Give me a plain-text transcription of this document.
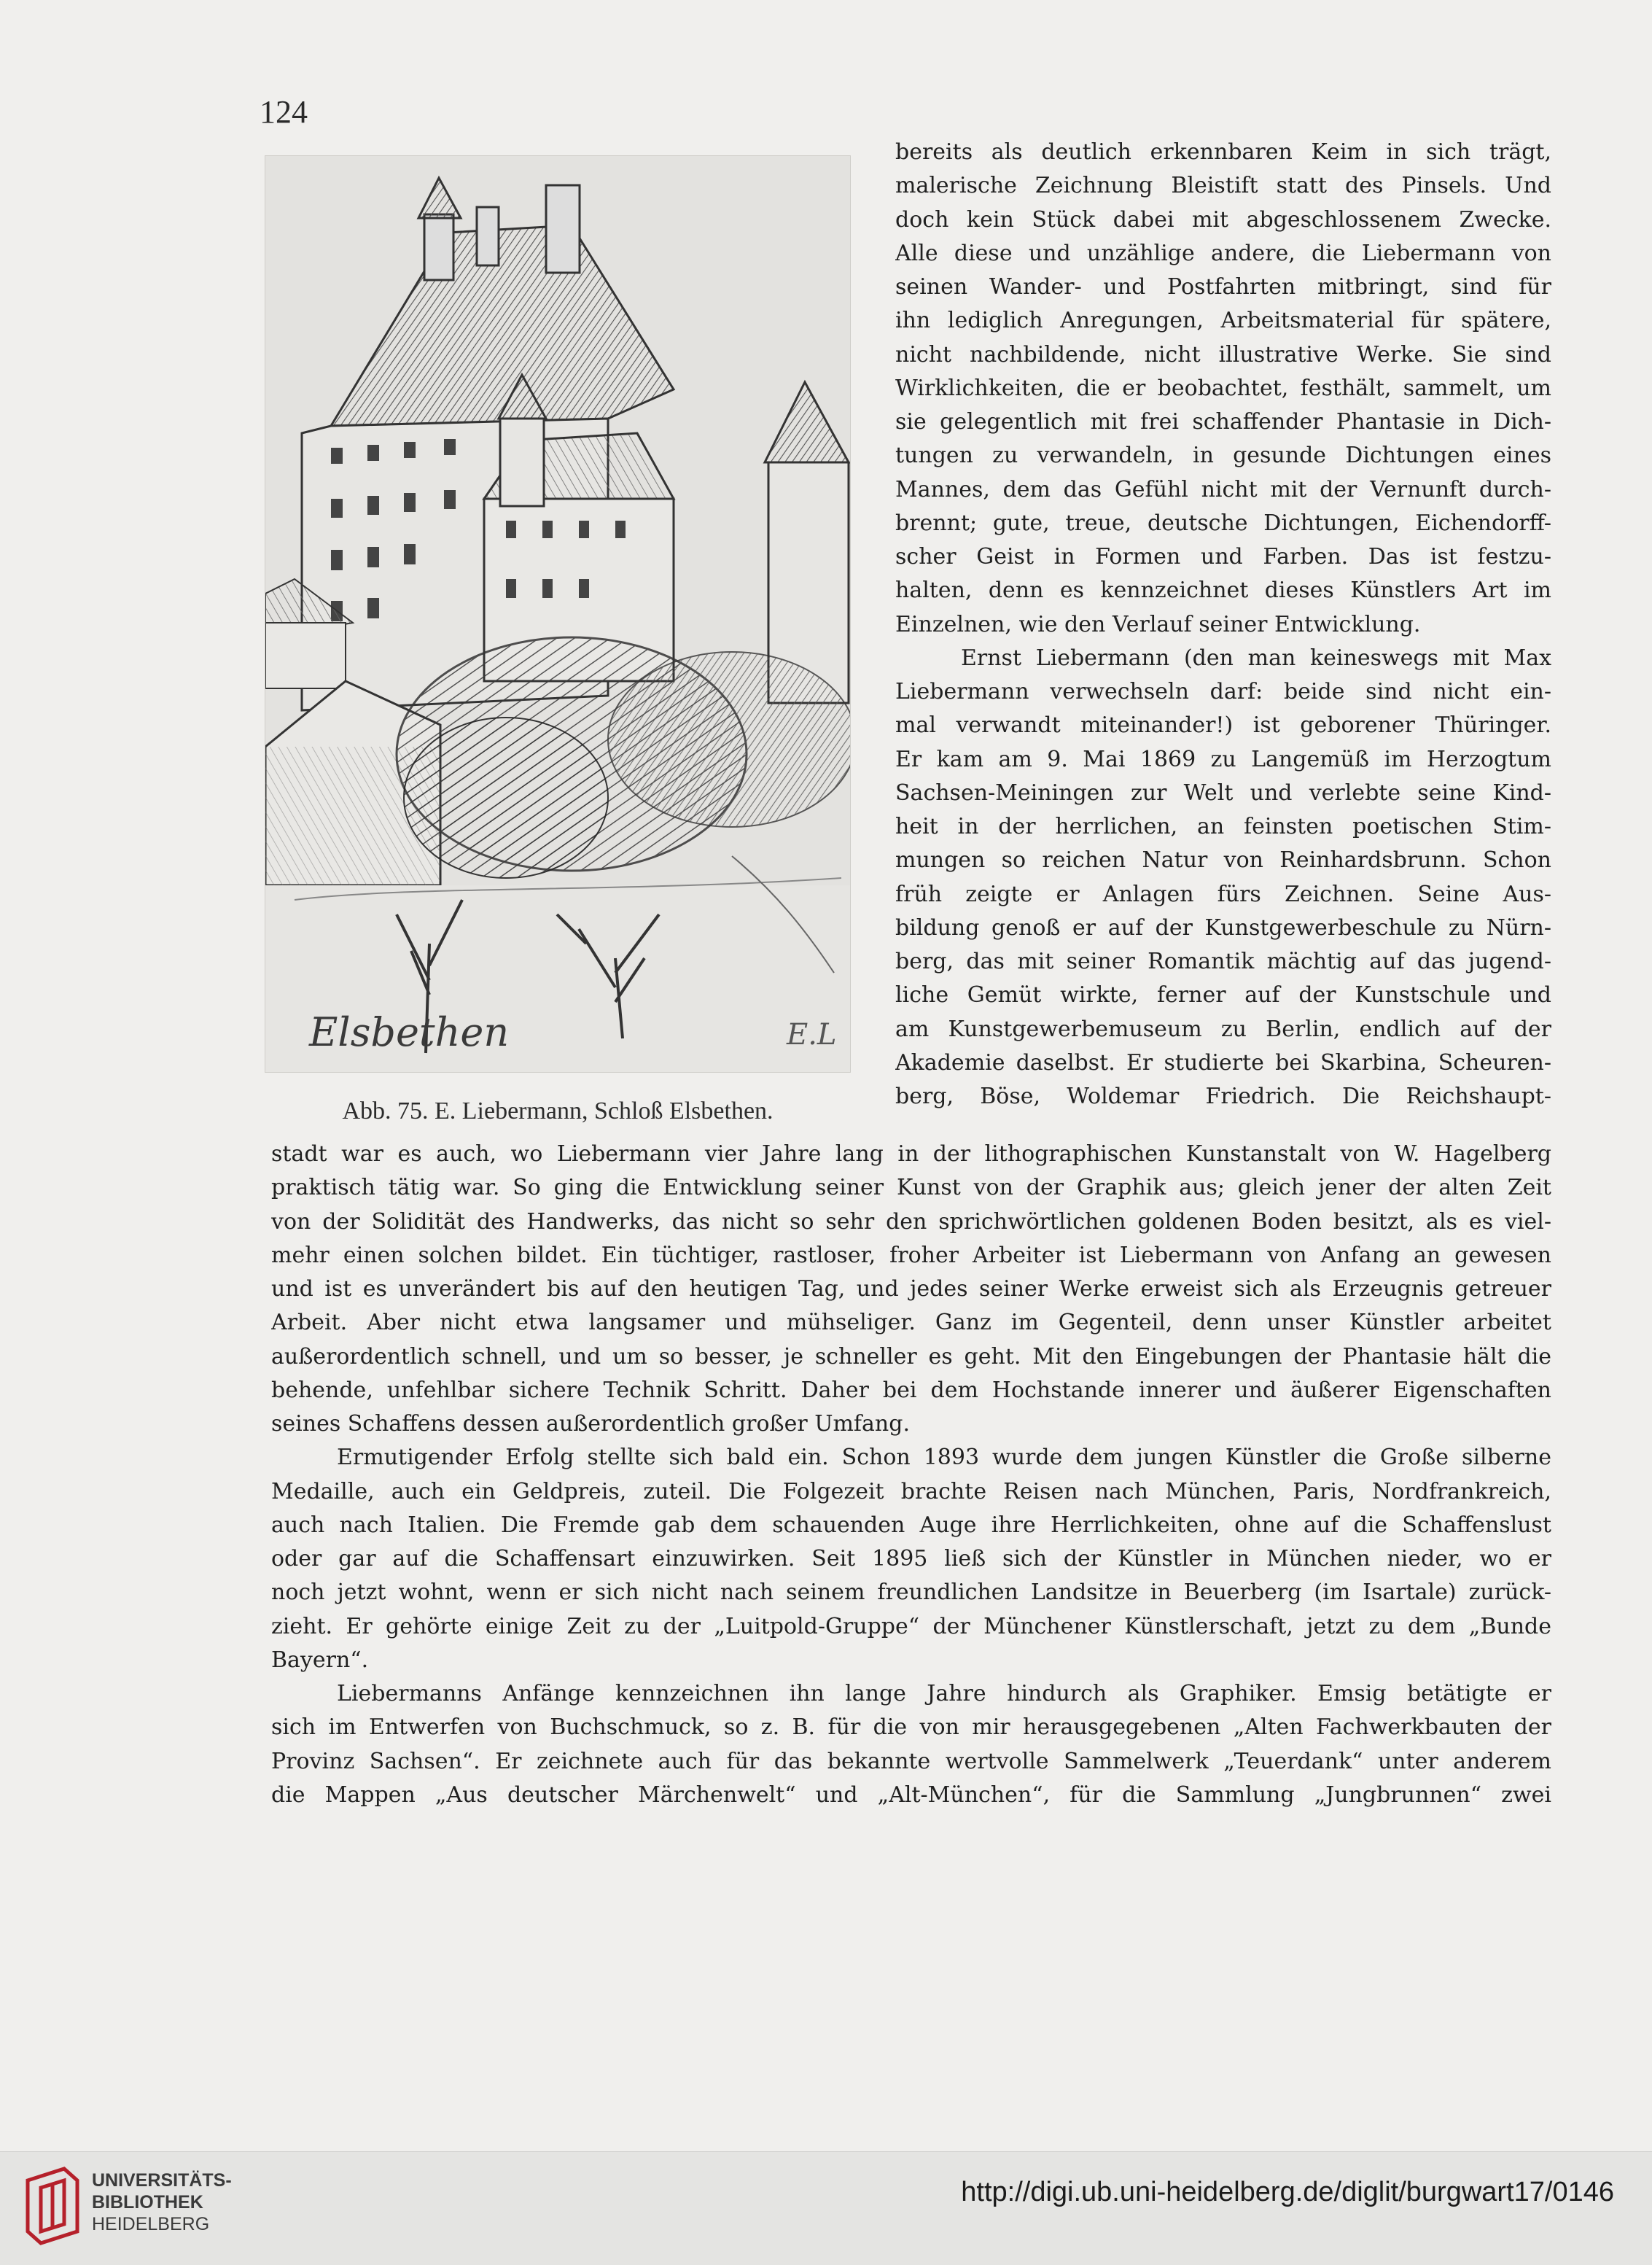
124
Elsbethen	E.L
Abb. 75. E. Liebermann, Schloß Elsbethen.
bereits als deutlich erkennbaren Keim in sich trägt,
malerische Zeichnung Bleistift statt des Pinsels. Und
doch kein Stück dabei mit abgeschlossenem Zwecke.
Alle diese und unzählige andere, die Liebermann von
seinen Wander- und Postfahrten mitbringt, sind für
ihn lediglich Anregungen, Arbeitsmaterial für spätere,
nicht nachbildende, nicht illustrative Werke. Sie sind
Wirklichkeiten, die er beobachtet, festhält, sammelt, um
sie gelegentlich mit frei schaffender Phantasie in Dich-
tungen zu verwandeln, in gesunde Dichtungen eines
Mannes, dem das Gefühl nicht mit der Vernunft durch-
brennt; gute, treue, deutsche Dichtungen, Eichendorff-
scher Geist in Formen und Farben. Das ist festzu-
halten, denn es kennzeichnet dieses Künstlers Art im
Einzelnen, wie den Verlauf seiner Entwicklung.
Ernst Liebermann (den man keineswegs mit Max
Liebermann verwechseln darf: beide sind nicht ein-
mal verwandt miteinander!) ist geborener Thüringer.
Er kam am 9. Mai 1869 zu Langemüß im Herzogtum
Sachsen-Meiningen zur Welt und verlebte seine Kind-
heit in der herrlichen, an feinsten poetischen Stim-
mungen so reichen Natur von Reinhardsbrunn. Schon
früh zeigte er Anlagen fürs Zeichnen. Seine Aus-
bildung genoß er auf der Kunstgewerbeschule zu Nürn-
berg, das mit seiner Romantik mächtig auf das jugend-
liche Gemüt wirkte, ferner auf der Kunstschule und
am Kunstgewerbemuseum zu Berlin, endlich auf der
Akademie daselbst. Er studierte bei Skarbina, Scheuren-
berg, Böse, Woldemar Friedrich. Die Reichshaupt-
stadt war es auch, wo Liebermann vier Jahre lang in der lithographischen Kunstanstalt von W. Hagelberg
praktisch tätig war. So ging die Entwicklung seiner Kunst von der Graphik aus; gleich jener der alten Zeit
von der Solidität des Handwerks, das nicht so sehr den sprichwörtlichen goldenen Boden besitzt, als es viel-
mehr einen solchen bildet. Ein tüchtiger, rastloser, froher Arbeiter ist Liebermann von Anfang an gewesen
und ist es unverändert bis auf den heutigen Tag, und jedes seiner Werke erweist sich als Erzeugnis getreuer
Arbeit. Aber nicht etwa langsamer und mühseliger. Ganz im Gegenteil, denn unser Künstler arbeitet
außerordentlich schnell, und um so besser, je schneller es geht. Mit den Eingebungen der Phantasie hält die
behende, unfehlbar sichere Technik Schritt. Daher bei dem Hochstande innerer und äußerer Eigenschaften
seines Schaffens dessen außerordentlich großer Umfang.
Ermutigender Erfolg stellte sich bald ein. Schon 1893 wurde dem jungen Künstler die Große silberne
Medaille, auch ein Geldpreis, zuteil. Die Folgezeit brachte Reisen nach München, Paris, Nordfrankreich,
auch nach Italien. Die Fremde gab dem schauenden Auge ihre Herrlichkeiten, ohne auf die Schaffenslust
oder gar auf die Schaffensart einzuwirken. Seit 1895 ließ sich der Künstler in München nieder, wo er
noch jetzt wohnt, wenn er sich nicht nach seinem freundlichen Landsitze in Beuerberg (im Isartale) zurück-
zieht. Er gehörte einige Zeit zu der „Luitpold-Gruppe“ der Münchener Künstlerschaft, jetzt zu dem „Bunde
Bayern“.
Liebermanns Anfänge kennzeichnen ihn lange Jahre hindurch als Graphiker. Emsig betätigte er
sich im Entwerfen von Buchschmuck, so z. B. für die von mir herausgegebenen „Alten Fachwerkbauten der
Provinz Sachsen“. Er zeichnete auch für das bekannte wertvolle Sammelwerk „Teuerdank“ unter anderem
die Mappen „Aus deutscher Märchenwelt“ und „Alt-München“, für die Sammlung „Jungbrunnen“ zwei
UNIVERSITÄTS-
BIBLIOTHEK
HEIDELBERG
http://digi.ub.uni-heidelberg.de/diglit/burgwart17/0146
